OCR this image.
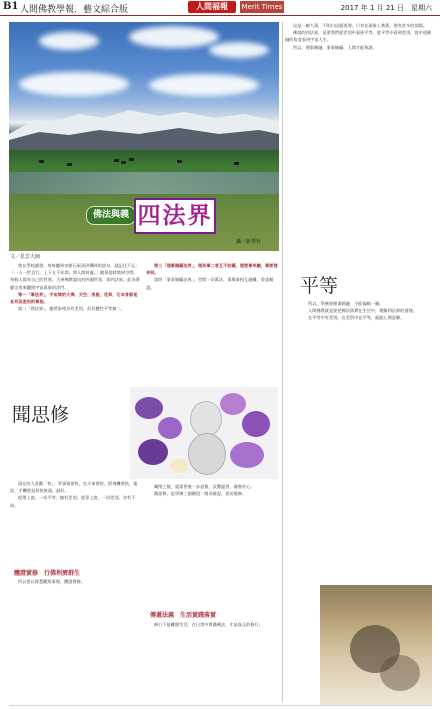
B1 人間佛教學報．藝文綜合版	人間福報	Merit Times	2017 年 1 月 21 日　星期六
攝／新華社
佛法與義 四法界

這是一樁大事，不明白這個道理，只有在現象上執著，便有許多的煩惱。

佛說的四法界，是要我們從差別中看到平等，從平等中看到差別，從中道圓融的角度看待宇宙人生。

所以，理事圓融，事事無礙，人間才能和諧。

文／星雲大師

我在學校讀書，每每聽到宋朝石屋清珙禪師的詩句，就記住不忘：「一人一世也行。上下五千年間，問人間何處。」隨著從時間到空間，每個人都有自己的世界。大乘佛教說出的四個世界，即四法界，此為華嚴宗用來觀照宇宙萬象的法門。

第一「事法界」，宇宙間的大海、天空、房屋、花草，它本身都是各有其差別的事相。

第二「理法界」，雖然事相各有差別，但其體性平等無二。

第三「理事無礙法界」，理和事二者互不妨礙，理要事來顯，事要理來明。

第四「事事無礙法界」，世間一切萬法，事與事相互融攝，重重無盡。	平等

所以，學佛要理事圓融，不能偏頗一邊。

人間佛教就是要把佛法落實在生活中，理解四法界的道理。

在平等中有差別，在差別中見平等，就能心開意解。

聞思修

現在的人喜歡「快」，爭事情要快，坐火車要快，搭飛機要快，電話、手機要是很快接通，最好。

從理上說，一切平等，無有差別；從事上說，一切差別，各有不同。

體證實修　行佛利濟群生

所以要以智慧觀照事理，體證實修。

關閉之後，就需要進一步思惟，反覆溫習，融會於心。

聞思修，是學佛三個階段：聞而後思，思而後修。

傳遞法義　生活實踐落實

修行不能離開生活，在日常中實踐佛法，才是真正的修行。
